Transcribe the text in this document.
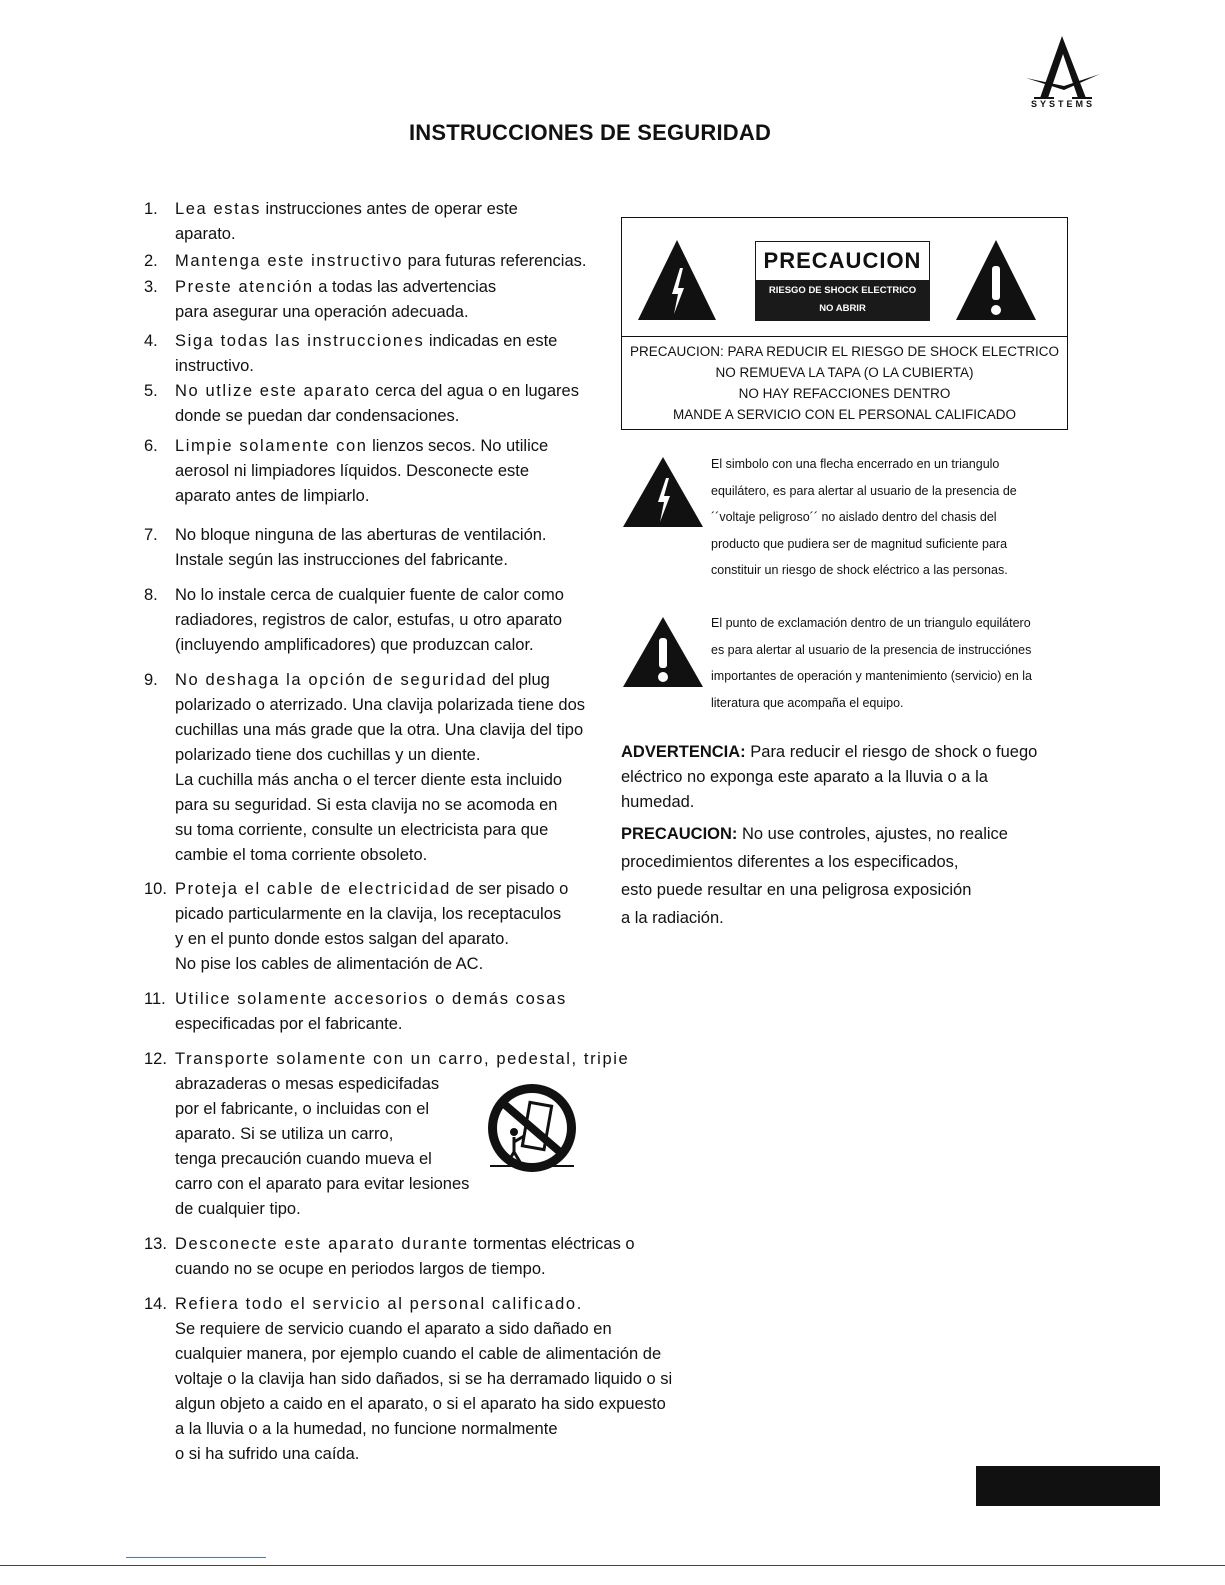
SYSTEMS
INSTRUCCIONES DE SEGURIDAD
1.	Lea estas instrucciones antes de operar este
aparato.
2.	Mantenga este instructivo para futuras referencias.
3.	Preste atención a todas las advertencias
para asegurar una operación adecuada.
4.	Siga todas las instrucciones indicadas en este
instructivo.
5.	No utlize este aparato cerca del agua o en lugares
donde se puedan dar condensaciones.
6.	Limpie solamente con lienzos secos. No utilice
aerosol ni limpiadores líquidos. Desconecte este
aparato antes de limpiarlo.
7.	No bloque ninguna de las aberturas de ventilación.
Instale según las instrucciones del fabricante.
8.	No lo instale cerca de cualquier fuente de calor como
radiadores, registros de calor, estufas, u otro aparato
(incluyendo amplificadores) que produzcan calor.
9.	No deshaga la opción de seguridad del plug
polarizado o aterrizado. Una clavija polarizada tiene dos
cuchillas una más grade que la otra. Una clavija del tipo
polarizado tiene dos cuchillas y un diente.
La cuchilla más ancha o el tercer diente esta incluido
para su seguridad. Si esta clavija no se acomoda en
su toma corriente, consulte un electricista para que
cambie el toma corriente obsoleto.
10. Proteja el cable de electricidad de ser pisado o
picado particularmente en la clavija, los receptaculos
y en el punto donde estos salgan del aparato.
No pise los cables de alimentación de AC.
11. Utilice solamente accesorios o demás cosas
especificadas por el fabricante.
12. Transporte solamente con un carro, pedestal, tripie
abrazaderas o mesas espedicifadas
por el fabricante, o incluidas con el
aparato. Si se utiliza un carro,
tenga precaución cuando mueva el
carro con el aparato para evitar lesiones
de cualquier tipo.
13. Desconecte este aparato durante tormentas eléctricas o
cuando no se ocupe en periodos largos de tiempo.
14. Refiera todo el servicio al personal calificado.
Se requiere de servicio cuando el aparato a sido dañado en
cualquier manera, por ejemplo cuando el cable de alimentación de
voltaje o la clavija han sido dañados, si se ha derramado liquido o si
algun objeto a caido en el aparato, o si el aparato ha sido expuesto
a la lluvia o a la humedad, no funcione normalmente
o si ha sufrido una caída.
PRECAUCION
RIESGO DE SHOCK ELECTRICO
NO ABRIR
PRECAUCION: PARA REDUCIR EL RIESGO DE SHOCK ELECTRICO
NO REMUEVA LA TAPA (O LA CUBIERTA)
NO HAY REFACCIONES DENTRO
MANDE A SERVICIO CON EL PERSONAL CALIFICADO
El simbolo con una flecha encerrado en un triangulo
equilátero, es para alertar al usuario de la presencia de
´´voltaje peligroso´´ no aislado dentro del chasis del
producto que pudiera ser de magnitud suficiente para
constituir un riesgo de shock eléctrico a las personas.
El punto de exclamación dentro de un triangulo equilátero
es para alertar al usuario de la presencia de instrucciónes
importantes de operación y mantenimiento (servicio) en la
literatura que acompaña el equipo.
ADVERTENCIA: Para reducir el riesgo de shock o fuego
eléctrico no exponga este aparato a la lluvia o a la
humedad.
PRECAUCION: No use controles, ajustes, no realice
procedimientos diferentes a los especificados,
esto puede resultar en una peligrosa exposición
a la radiación.
